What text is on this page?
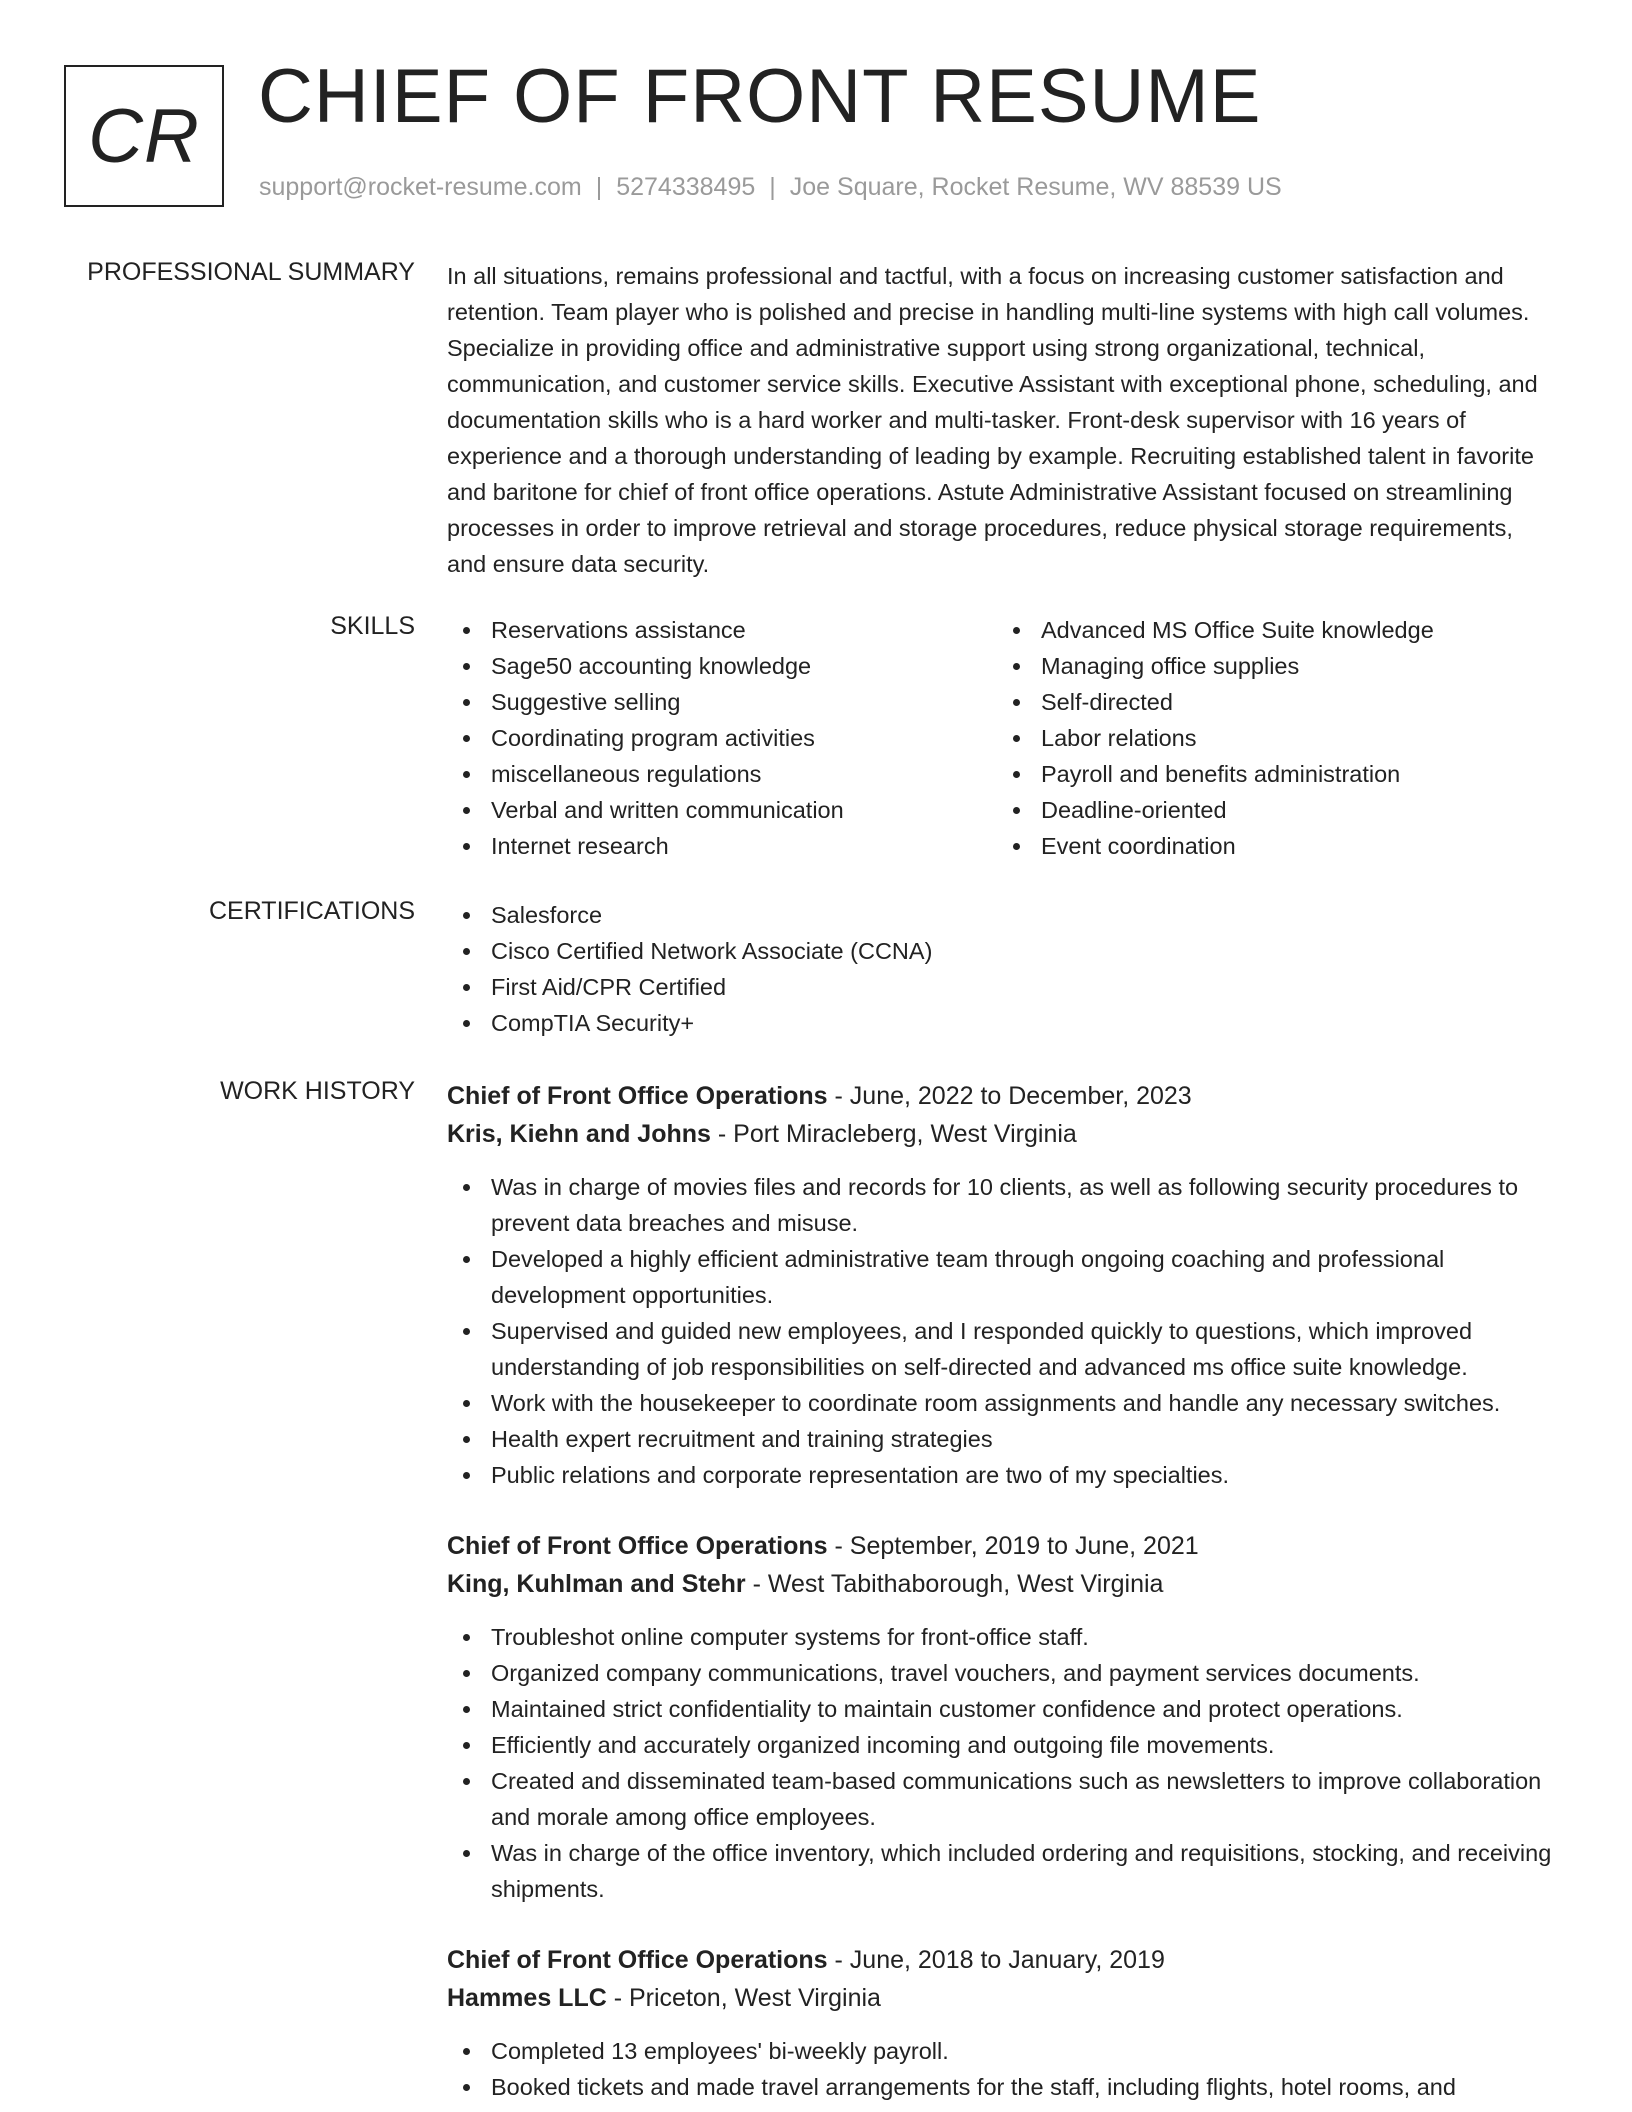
CR CHIEF OF FRONT RESUME
support@rocket-resume.com | 5274338495 | Joe Square, Rocket Resume, WV 88539 US
PROFESSIONAL SUMMARY In all situations, remains professional and tactful, with a focus on increasing customer satisfaction and retention. Team player who is polished and precise in handling multi-line systems with high call volumes. Specialize in providing office and administrative support using strong organizational, technical, communication, and customer service skills. Executive Assistant with exceptional phone, scheduling, and documentation skills who is a hard worker and multi-tasker. Front-desk supervisor with 16 years of experience and a thorough understanding of leading by example. Recruiting established talent in favorite and baritone for chief of front office operations. Astute Administrative Assistant focused on streamlining processes in order to improve retrieval and storage procedures, reduce physical storage requirements, and ensure data security.
SKILLS	Reservations assistance
Sage50 accounting knowledge
Suggestive selling
Coordinating program activities
miscellaneous regulations
Verbal and written communication
Internet research
Advanced MS Office Suite knowledge
Managing office supplies
Self-directed
Labor relations
Payroll and benefits administration
Deadline-oriented
Event coordination
CERTIFICATIONS	Salesforce
Cisco Certified Network Associate (CCNA)
First Aid/CPR Certified
CompTIA Security+
WORK HISTORY Chief of Front Office Operations - June, 2022 to December, 2023
Kris, Kiehn and Johns - Port Miracleberg, West Virginia
Was in charge of movies files and records for 10 clients, as well as following security procedures to prevent data breaches and misuse.
Developed a highly efficient administrative team through ongoing coaching and professional development opportunities.
Supervised and guided new employees, and I responded quickly to questions, which improved understanding of job responsibilities on self-directed and advanced ms office suite knowledge.
Work with the housekeeper to coordinate room assignments and handle any necessary switches.
Health expert recruitment and training strategies
Public relations and corporate representation are two of my specialties.
Chief of Front Office Operations - September, 2019 to June, 2021
King, Kuhlman and Stehr - West Tabithaborough, West Virginia
Troubleshot online computer systems for front-office staff.
Organized company communications, travel vouchers, and payment services documents.
Maintained strict confidentiality to maintain customer confidence and protect operations.
Efficiently and accurately organized incoming and outgoing file movements.
Created and disseminated team-based communications such as newsletters to improve collaboration and morale among office employees.
Was in charge of the office inventory, which included ordering and requisitions, stocking, and receiving shipments.
Chief of Front Office Operations - June, 2018 to January, 2019
Hammes LLC - Priceton, West Virginia
Completed 13 employees' bi-weekly payroll.
Booked tickets and made travel arrangements for the staff, including flights, hotel rooms, and
